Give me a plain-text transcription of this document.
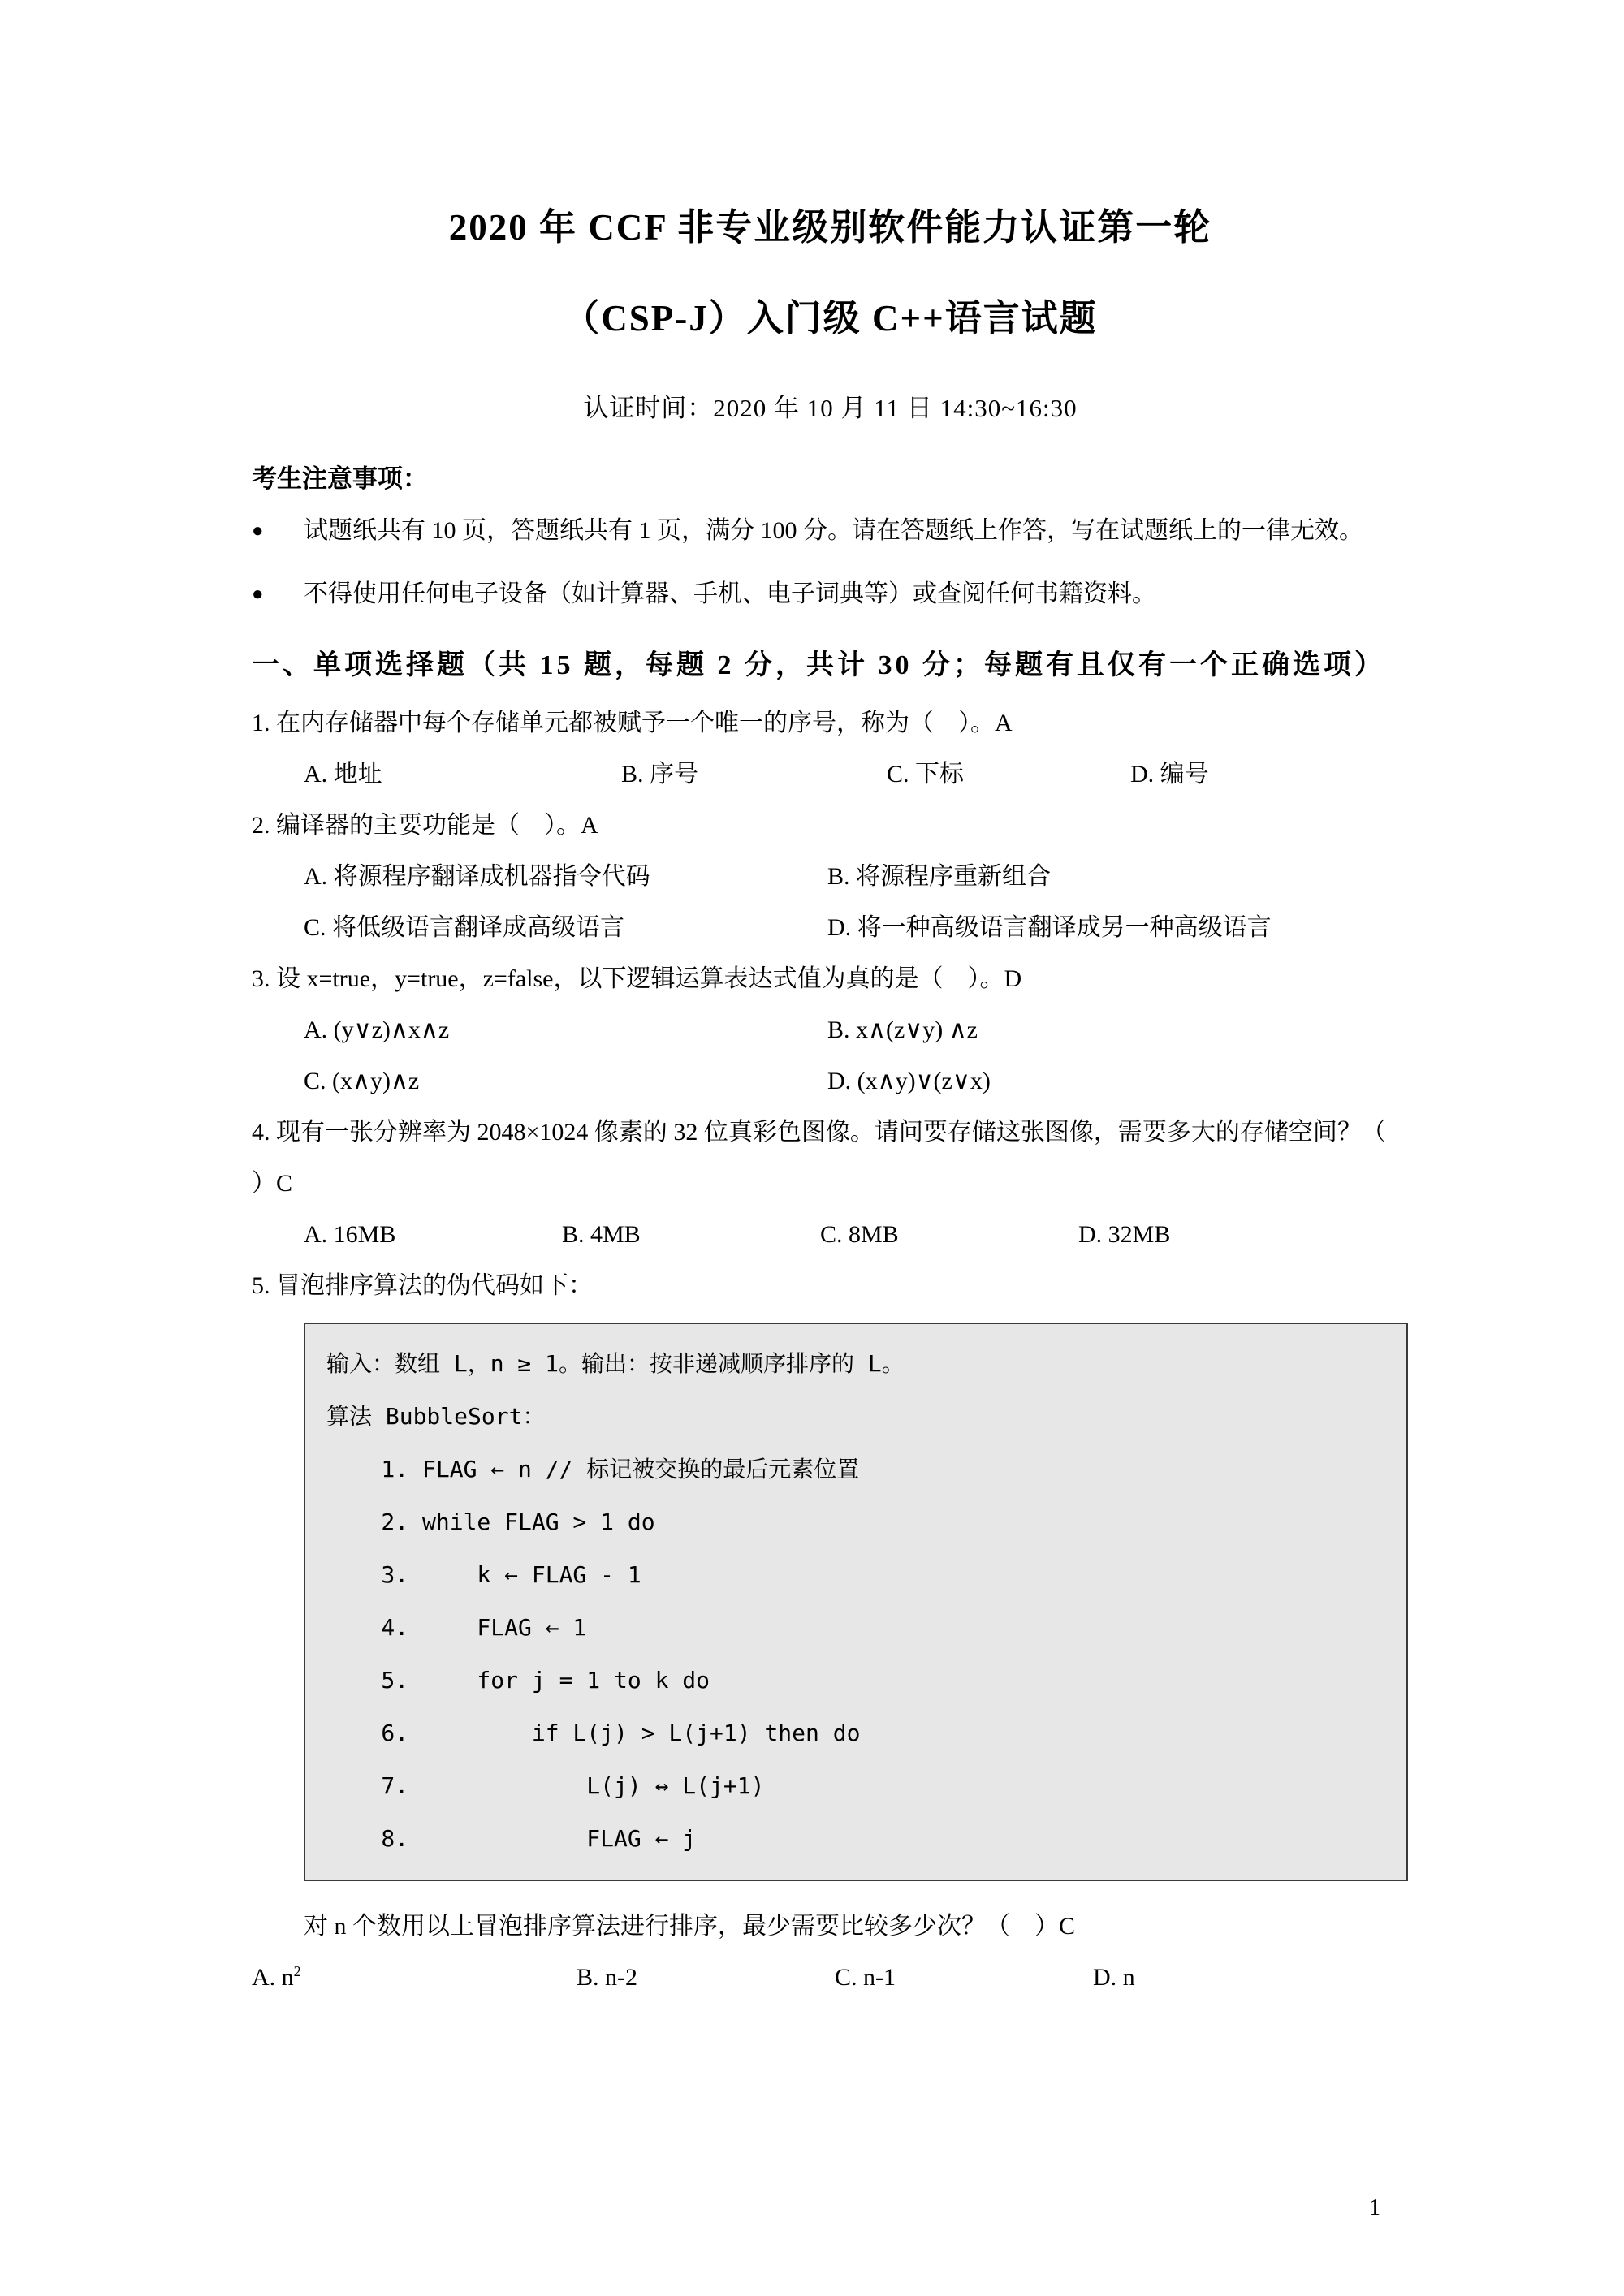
2020 年 CCF 非专业级别软件能力认证第一轮
（CSP-J）入门级 C++语言试题
认证时间：2020 年 10 月 11 日 14:30~16:30
考生注意事项：
●	试题纸共有 10 页，答题纸共有 1 页，满分 100 分。请在答题纸上作答，写在试题纸上的一律无效。
●	不得使用任何电子设备（如计算器、手机、电子词典等）或查阅任何书籍资料。
一、单项选择题（共 15 题，每题 2 分，共计 30 分；每题有且仅有一个正确选项）
1. 在内存储器中每个存储单元都被赋予一个唯一的序号，称为（    ）。A
A. 地址	B. 序号	C. 下标	D. 编号
2. 编译器的主要功能是（    ）。A
A. 将源程序翻译成机器指令代码	B. 将源程序重新组合
C. 将低级语言翻译成高级语言	D. 将一种高级语言翻译成另一种高级语言
3. 设 x=true，y=true，z=false，以下逻辑运算表达式值为真的是（    ）。D
A. (y∨z)∧x∧z	B. x∧(z∨y) ∧z
C. (x∧y)∧z	D. (x∧y)∨(z∨x)
4. 现有一张分辨率为 2048×1024 像素的 32 位真彩色图像。请问要存储这张图像，需要多大的存储空间？（    ）C
A. 16MB	B. 4MB	C. 8MB	D. 32MB
5. 冒泡排序算法的伪代码如下：
输入：数组 L，n ≥ 1。输出：按非递减顺序排序的 L。
算法 BubbleSort：
1. FLAG ← n // 标记被交换的最后元素位置
2. while FLAG > 1 do
3.     k ← FLAG - 1
4.     FLAG ← 1
5.     for j = 1 to k do
6.         if L(j) > L(j+1) then do
7.             L(j) ↔ L(j+1)
8.             FLAG ← j
对 n 个数用以上冒泡排序算法进行排序，最少需要比较多少次？（    ）C
A. $n^2$	B. n-2	C. n-1	D. n
1
